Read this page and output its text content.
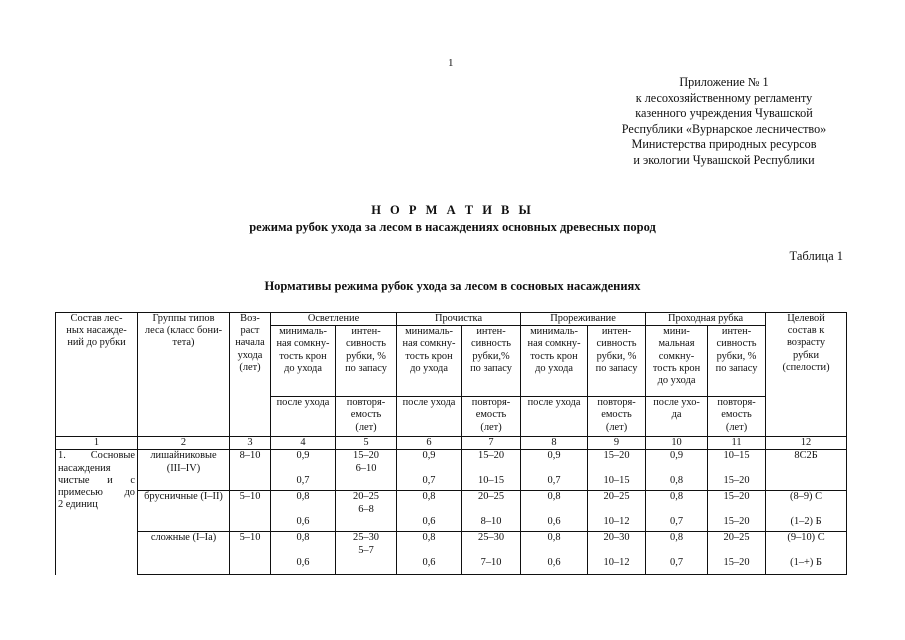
1
Приложение № 1
к лесохозяйственному регламенту
казенного учреждения Чувашской
Республики «Вурнарское лесничество»
Министерства природных ресурсов
и экологии Чувашской Республики
Н О Р М А Т И В Ы
режима рубок ухода за лесом в насаждениях основных древесных пород
Таблица 1
Нормативы режима рубок ухода за лесом в сосновых насаждениях
Состав лес-
ных насажде-
ний до рубки	Группы типов
леса (класс бони-
тета)	Воз-
раст
начала
ухода
(лет)	Осветление		Прочистка		Прореживание		Проходная рубка		Целевой
состав к
возрасту
рубки
(спелости)

			минималь-
ная сомкну-
тость крон
до ухода	интен-
сивность
рубки, %
по запасу	минималь-
ная сомкну-
тость крон
до ухода	интен-
сивность
рубки,%
по запасу	минималь-
ная сомкну-
тость крон
до ухода	интен-
сивность
рубки, %
по запасу	мини-
мальная
сомкну-
тость крон
до ухода	интен-
сивность
рубки, %
по запасу	

			после ухода	повторя-
емость
(лет)	после ухода	повторя-
емость
(лет)	после ухода	повторя-
емость
(лет)	после ухо-
да	повторя-
емость
(лет)	

1	2	3	4	5	6	7	8	9	10	11	12

1. Сосновые
насаждения
чистые и с
примесью до
2 единиц	лишайниковые
(III–IV)	8–10	0,9

0,7	15–20
6–10	0,9

0,7	15–20

10–15	0,9

0,7	15–20

10–15	0,9

0,8	10–15

15–20	8С2Б

	брусничные (I–II)	5–10	0,8

0,6	20–25
6–8	0,8

0,6	20–25

8–10	0,8

0,6	20–25

10–12	0,8

0,7	15–20

15–20	(8–9) С

(1–2) Б

	сложные (I–Iа)	5–10	0,8

0,6	25–30
5–7	0,8

0,6	25–30

7–10	0,8

0,6	20–30

10–12	0,8

0,7	20–25

15–20	(9–10) С

(1–+) Б
